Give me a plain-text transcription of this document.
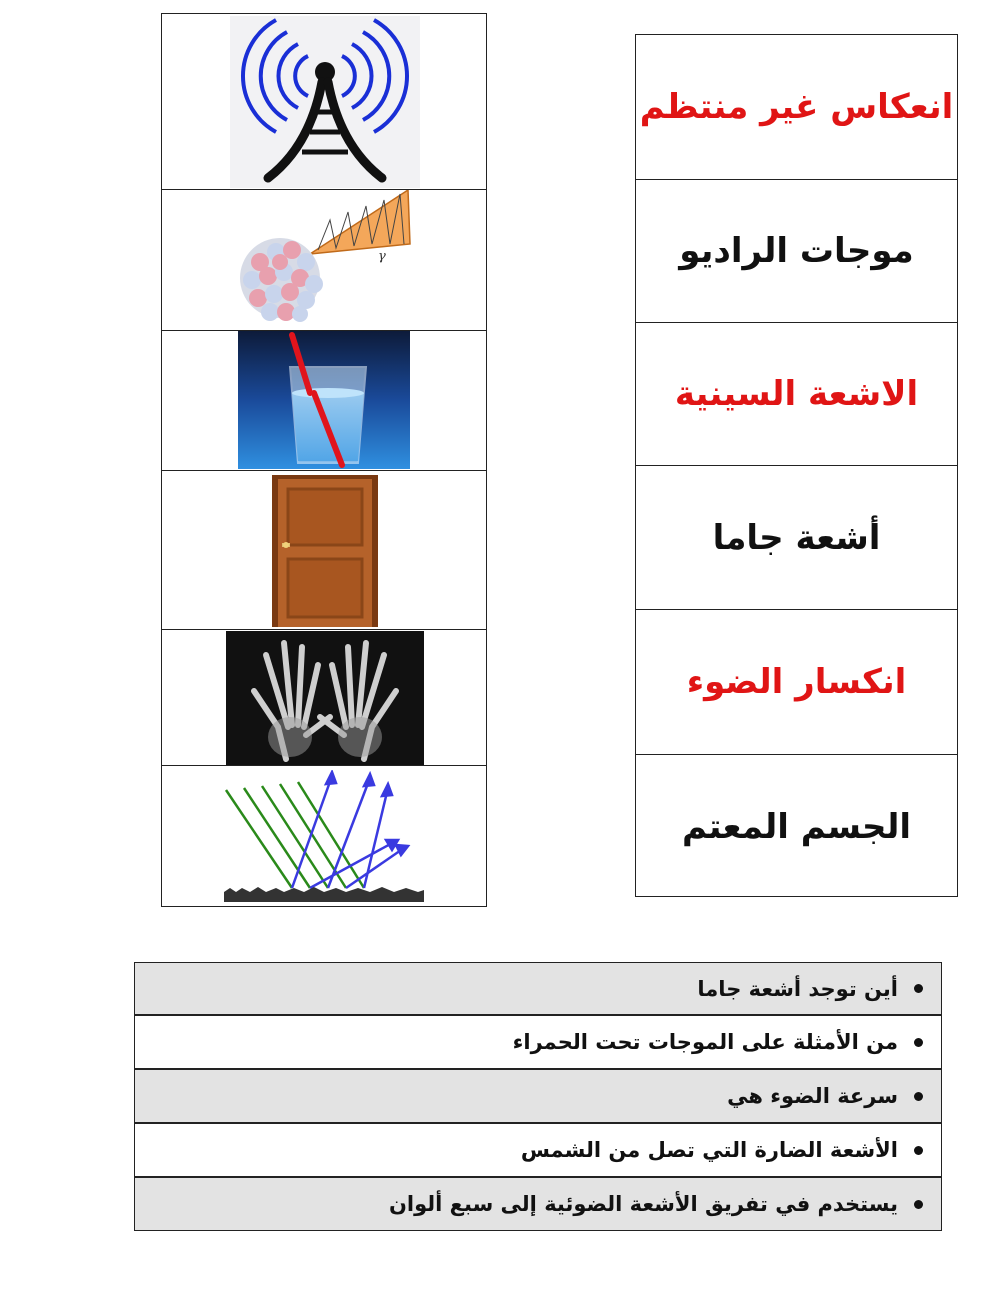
γ
انعكاس غير منتظم
موجات الراديو
الاشعة السينية
أشعة جاما
انكسار الضوء
الجسم المعتم
أين توجد أشعة جاما
من الأمثلة على الموجات تحت الحمراء
سرعة الضوء هي
الأشعة الضارة التي تصل من الشمس
يستخدم في تفريق الأشعة الضوئية إلى سبع ألوان
